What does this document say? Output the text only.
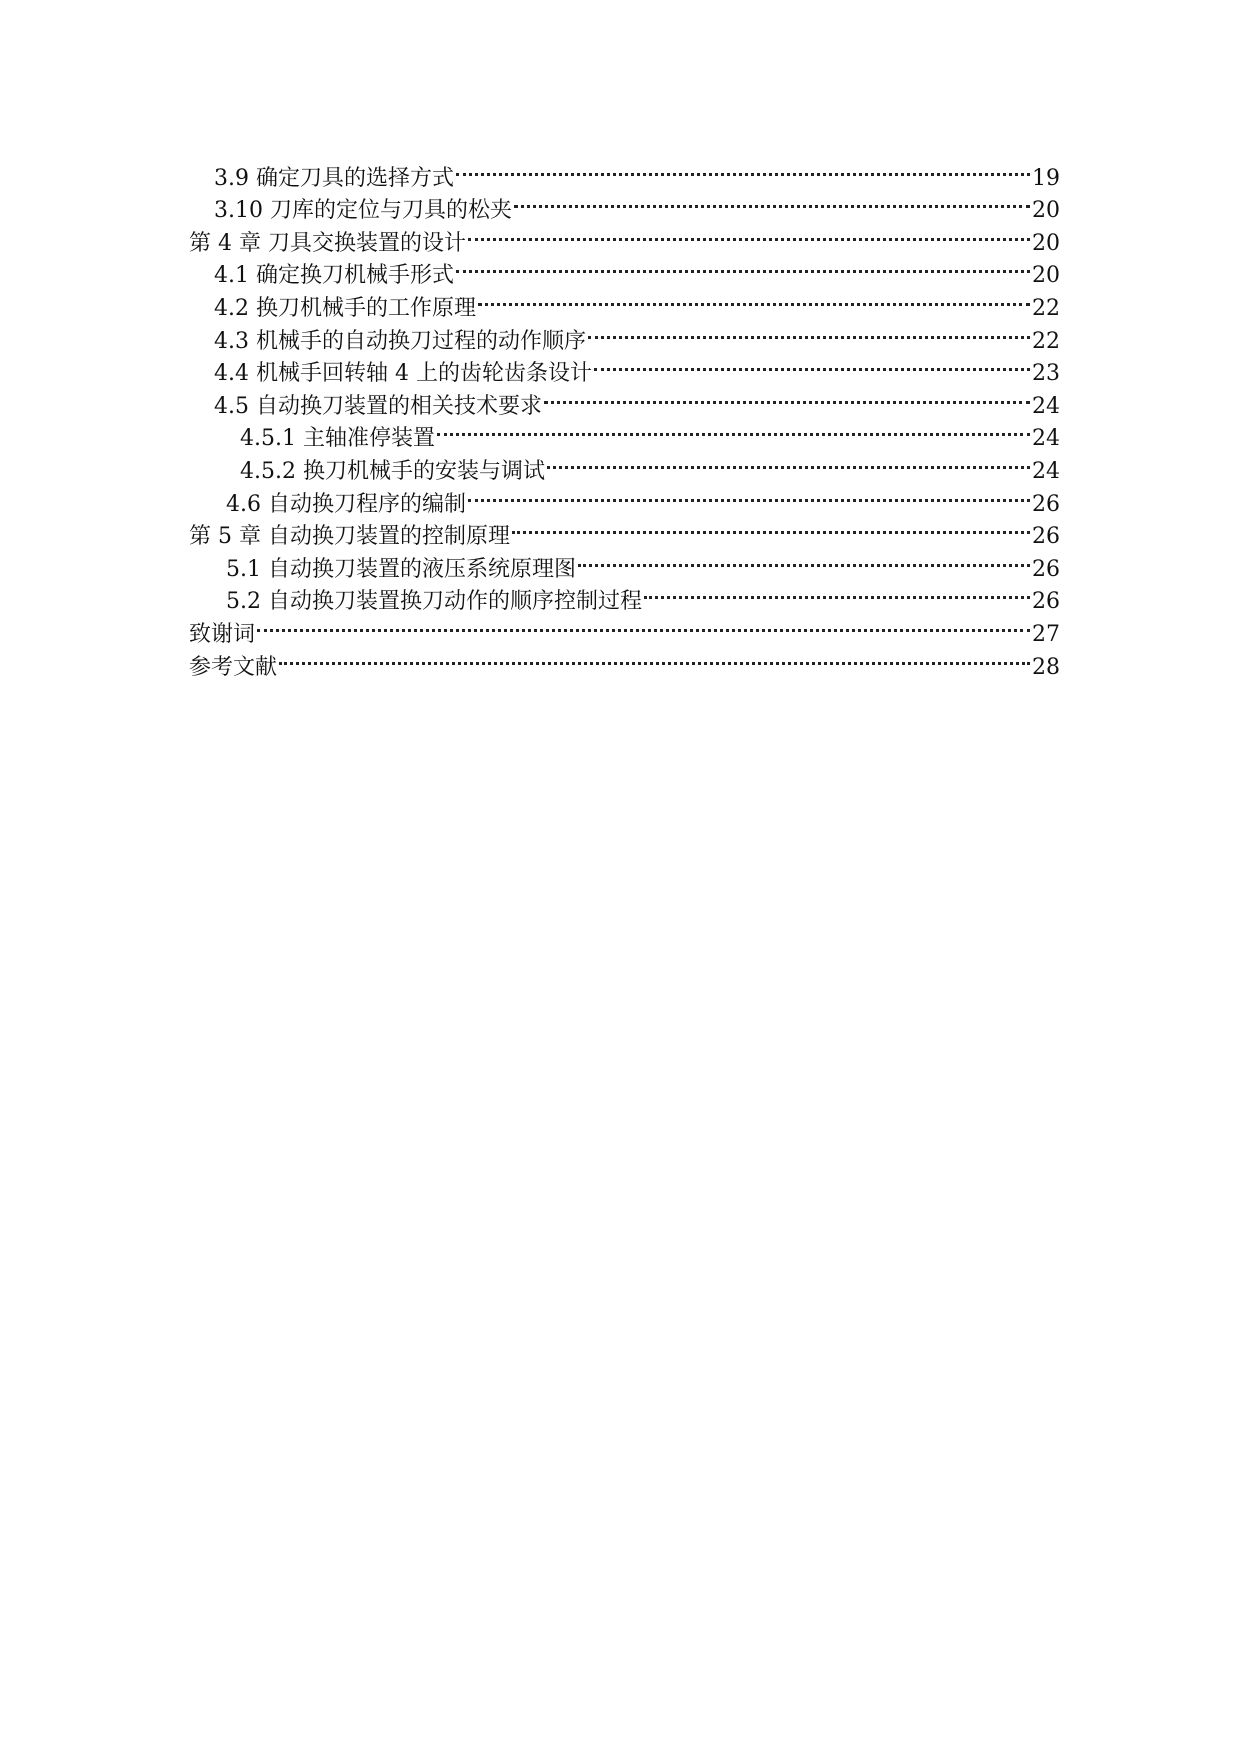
3.9 确定刀具的选择方式	19
3.10 刀库的定位与刀具的松夹	20
第 4 章 刀具交换装置的设计	20
4.1 确定换刀机械手形式	20
4.2 换刀机械手的工作原理	22
4.3 机械手的自动换刀过程的动作顺序	22
4.4 机械手回转轴 4 上的齿轮齿条设计	23
4.5 自动换刀装置的相关技术要求	24
4.5.1 主轴准停装置	24
4.5.2 换刀机械手的安装与调试	24
4.6 自动换刀程序的编制	26
第 5 章 自动换刀装置的控制原理	26
5.1 自动换刀装置的液压系统原理图	26
5.2 自动换刀装置换刀动作的顺序控制过程	26
致谢词	27
参考文献	28
